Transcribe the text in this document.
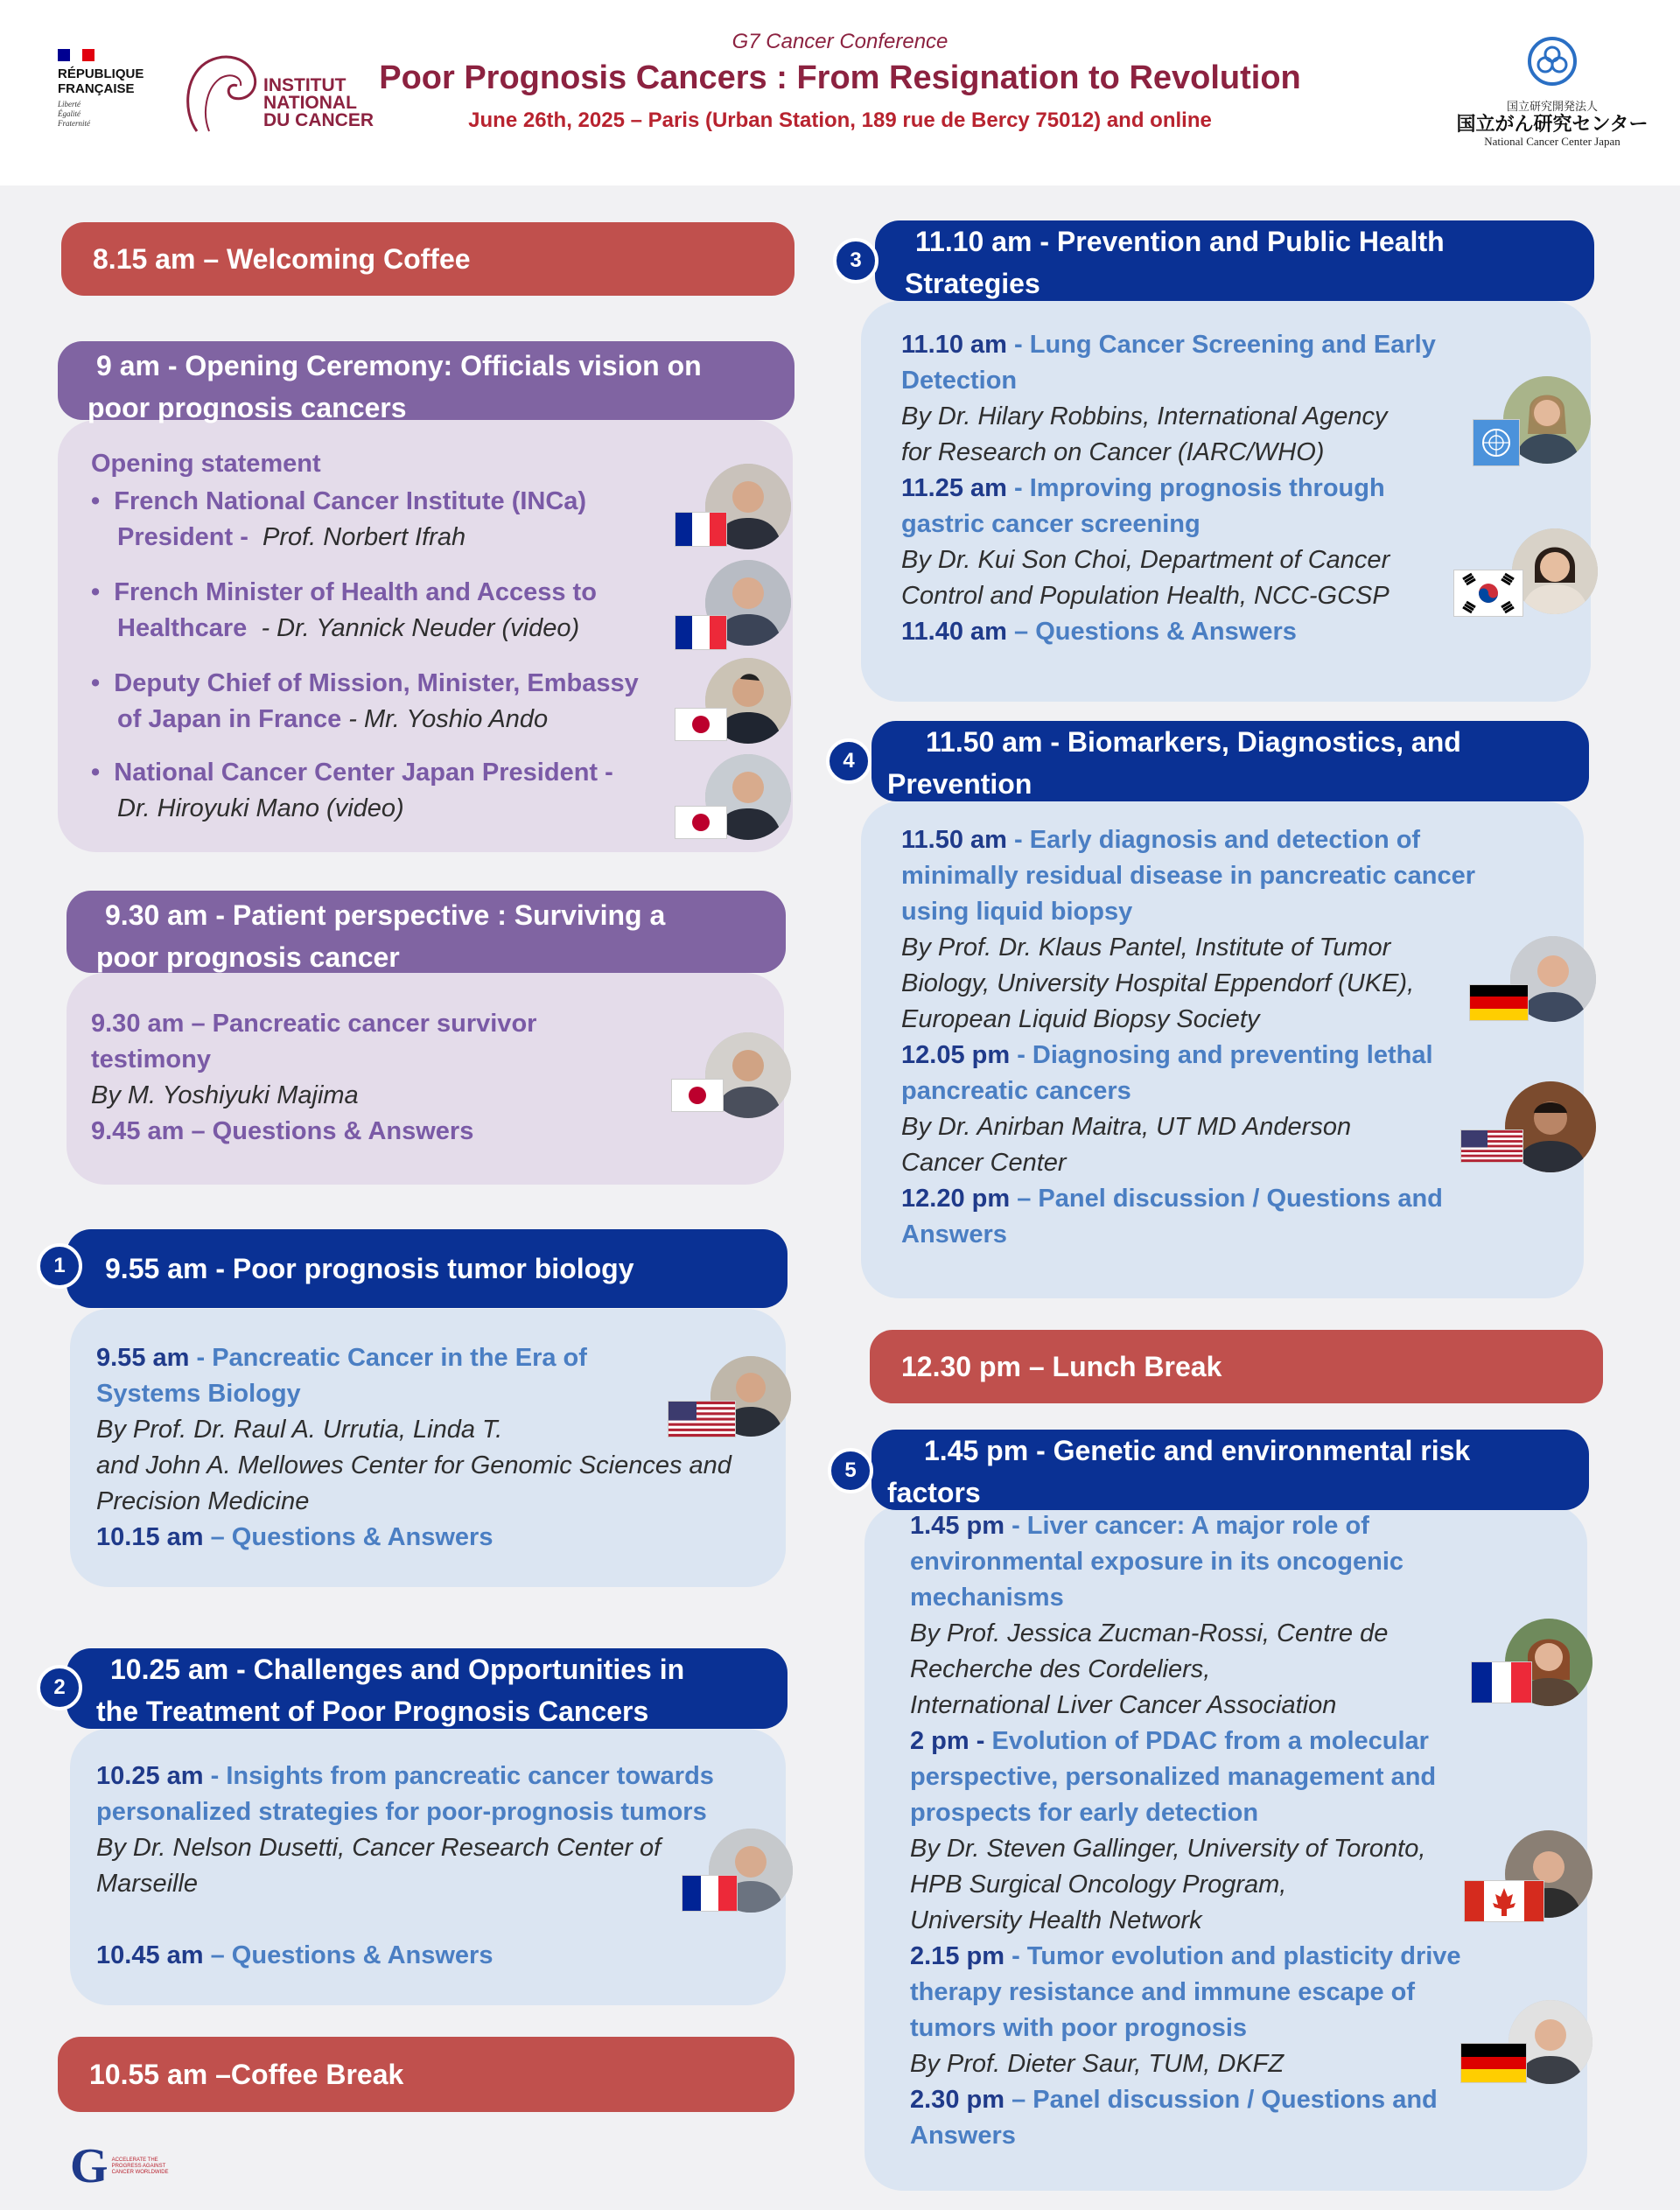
RÉPUBLIQUE
FRANÇAISE
Liberté
Égalité
Fraternité
INSTITUT
NATIONAL
DU CANCER
G7 Cancer Conference
Poor Prognosis Cancers : From Resignation to Revolution
June 26th, 2025 – Paris (Urban Station, 189 rue de Bercy 75012) and online
国立研究開発法人
国立がん研究センター
National Cancer Center Japan
8.15 am – Welcoming Coffee
9 am - Opening Ceremony: Officials vision on
poor prognosis cancers
Opening statement
•  French National Cancer Institute (INCa)
President - Prof. Norbert Ifrah
•  French Minister of Health and Access to
Healthcare - Dr. Yannick Neuder (video)
•  Deputy Chief of Mission, Minister, Embassy
of Japan in France - Mr. Yoshio Ando
•  National Cancer Center Japan President -
Dr. Hiroyuki Mano (video)
9.30 am - Patient perspective : Surviving a
poor prognosis cancer
9.30 am – Pancreatic cancer survivor
testimony
By M. Yoshiyuki Majima
9.45 am – Questions & Answers
9.55 am - Poor prognosis tumor biology
1
9.55 am - Pancreatic Cancer in the Era of
Systems Biology
By Prof. Dr. Raul A. Urrutia, Linda T.
and John A. Mellowes Center for Genomic Sciences and
Precision Medicine
10.15 am – Questions & Answers
10.25 am - Challenges and Opportunities in
the Treatment of Poor Prognosis Cancers
2
10.25 am - Insights from pancreatic cancer towards
personalized strategies for poor-prognosis tumors
By Dr. Nelson Dusetti, Cancer Research Center of
Marseille

10.45 am – Questions & Answers
10.55 am –Coffee Break
11.10 am - Prevention and Public Health
Strategies
3
11.10 am - Lung Cancer Screening and Early
Detection
By Dr. Hilary Robbins, International Agency
for Research on Cancer (IARC/WHO)
11.25 am - Improving prognosis through
gastric cancer screening
By Dr. Kui Son Choi, Department of Cancer
Control and Population Health, NCC-GCSP
11.40 am – Questions & Answers
11.50 am - Biomarkers, Diagnostics, and
Prevention
4
11.50 am - Early diagnosis and detection of
minimally residual disease in pancreatic cancer
using liquid biopsy
By Prof. Dr. Klaus Pantel, Institute of Tumor
Biology, University Hospital Eppendorf (UKE),
European Liquid Biopsy Society
12.05 pm - Diagnosing and preventing lethal
pancreatic cancers
By Dr. Anirban Maitra, UT MD Anderson
Cancer Center
12.20 pm – Panel discussion / Questions and
Answers
12.30 pm – Lunch Break
1.45 pm - Genetic and environmental risk
factors
5
1.45 pm - Liver cancer: A major role of
environmental exposure in its oncogenic
mechanisms
By Prof. Jessica Zucman-Rossi, Centre de
Recherche des Cordeliers,
International Liver Cancer Association
2 pm - Evolution of PDAC from a molecular
perspective, personalized management and
prospects for early detection
By Dr. Steven Gallinger, University of Toronto,
HPB Surgical Oncology Program,
University Health Network
2.15 pm - Tumor evolution and plasticity drive
therapy resistance and immune escape of
tumors with poor prognosis
By Prof. Dieter Saur, TUM, DKFZ
2.30 pm – Panel discussion / Questions and
Answers

G ACCELERATE THE PROGRESS AGAINST CANCER WORLDWIDE
